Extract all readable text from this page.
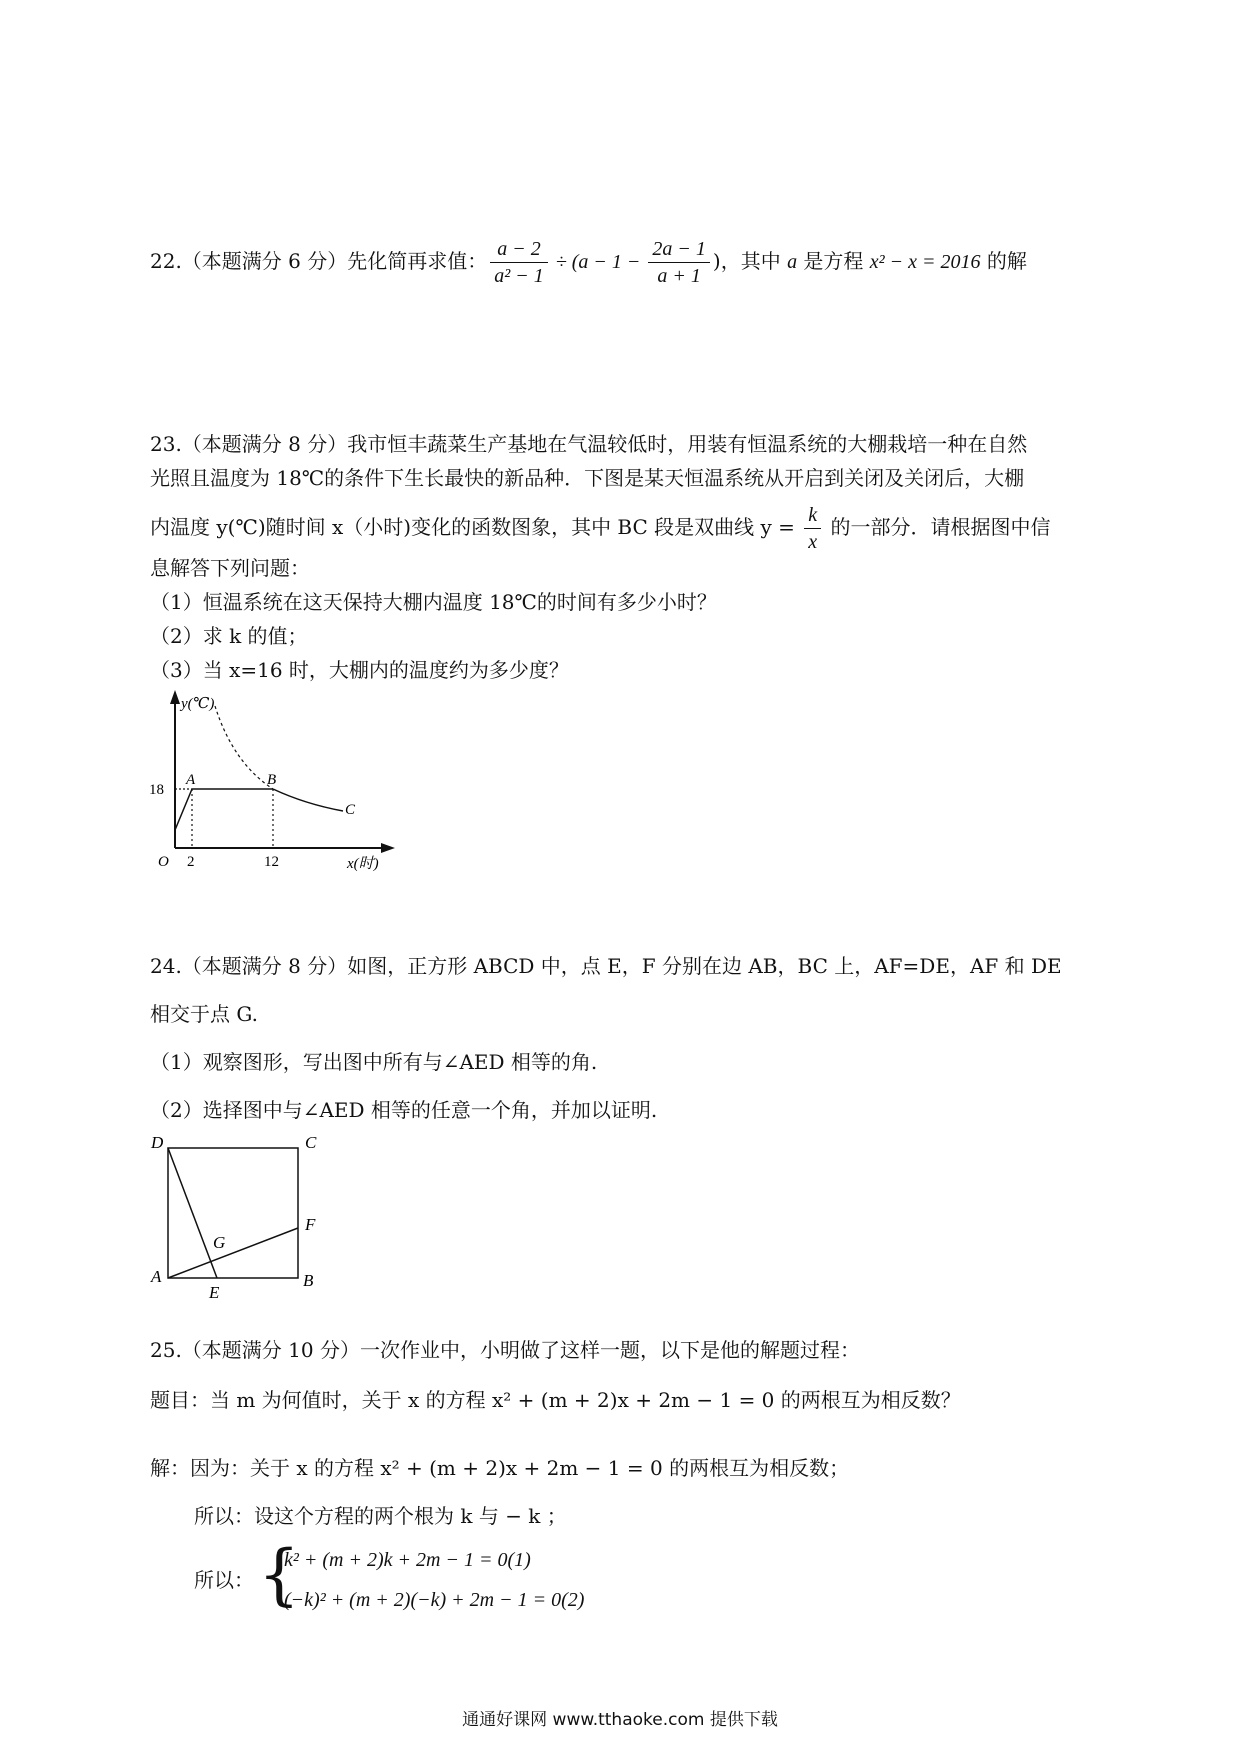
22.（本题满分 6 分）先化简再求值： $\frac{a - 2}{\text{a² − 1}} \div (a - 1 - \frac{2a - 1}{a + 1}$ )，其中 a 是方程 x² − x = 2016 的解
23.（本题满分 8 分）我市恒丰蔬菜生产基地在气温较低时，用装有恒温系统的大棚栽培一种在自然
光照且温度为 18℃的条件下生长最快的新品种．下图是某天恒温系统从开启到关闭及关闭后，大棚
内温度 y(℃)随时间 x（小时)变化的函数图象，其中 BC 段是双曲线 $y = \frac{k}{x}$ 的一部分．请根据图中信
息解答下列问题：
（1）恒温系统在这天保持大棚内温度 18℃的时间有多少小时？
（2）求 k 的值；
（3）当 x=16 时，大棚内的温度约为多少度？
y(℃)
18
A	B
C
O 2	12	x(时)
24.（本题满分 8 分）如图，正方形 ABCD 中，点 E，F 分别在边 AB，BC 上，AF=DE，AF 和 DE
相交于点 G.
（1）观察图形，写出图中所有与∠AED 相等的角.
（2）选择图中与∠AED 相等的任意一个角，并加以证明.
D	C
F
G
A	B
E
25.（本题满分 10 分）一次作业中，小明做了这样一题，以下是他的解题过程：
题目：当 m 为何值时，关于 x 的方程 x² + (m + 2)x + 2m − 1 = 0 的两根互为相反数？
解：因为：关于 x 的方程 x² + (m + 2)x + 2m − 1 = 0 的两根互为相反数；
所以：设这个方程的两个根为 k 与 − k ；
所以： {
k² + (m + 2)k + 2m − 1 = 0(1)
(−k)² + (m + 2)(−k) + 2m − 1 = 0(2)
通通好课网 www.tthaoke.com 提供下载
